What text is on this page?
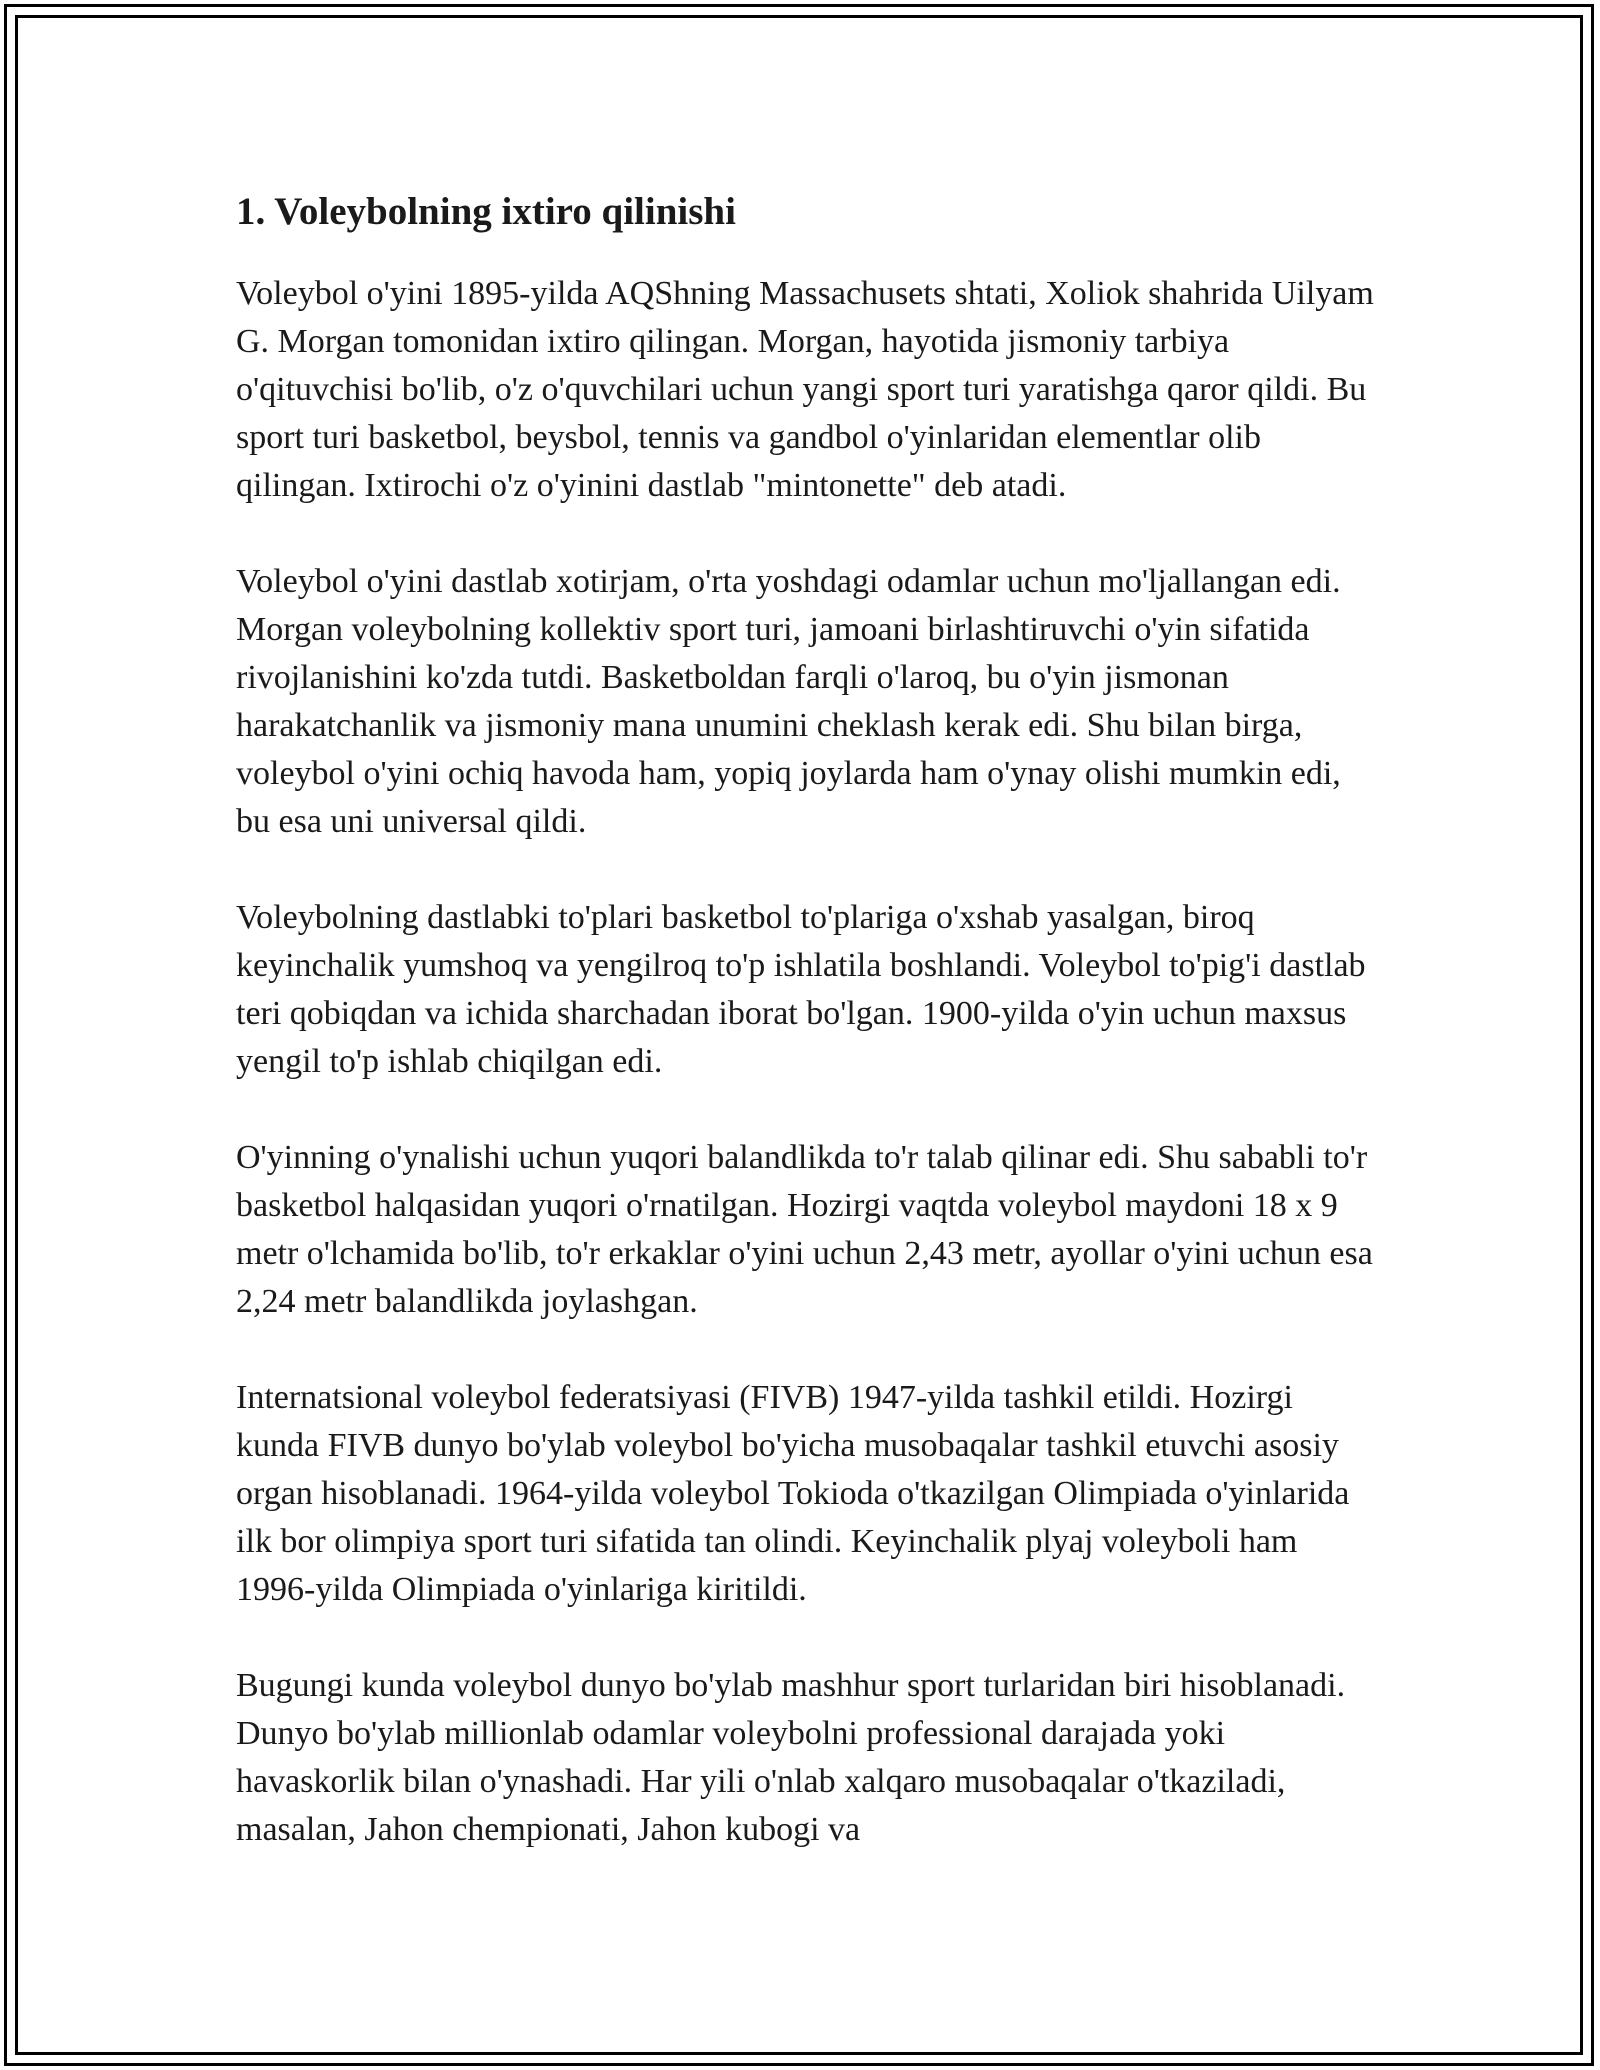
1. Voleybolning ixtiro qilinishi

Voleybol o'yini 1895-yilda AQShning Massachusets shtati, Xoliok shahrida Uilyam G. Morgan tomonidan ixtiro qilingan. Morgan, hayotida jismoniy tarbiya o'qituvchisi bo'lib, o'z o'quvchilari uchun yangi sport turi yaratishga qaror qildi. Bu sport turi basketbol, beysbol, tennis va gandbol o'yinlaridan elementlar olib qilingan. Ixtirochi o'z o'yinini dastlab "mintonette" deb atadi.

Voleybol o'yini dastlab xotirjam, o'rta yoshdagi odamlar uchun mo'ljallangan edi. Morgan voleybolning kollektiv sport turi, jamoani birlashtiruvchi o'yin sifatida rivojlanishini ko'zda tutdi. Basketboldan farqli o'laroq, bu o'yin jismonan harakatchanlik va jismoniy mana unumini cheklash kerak edi. Shu bilan birga, voleybol o'yini ochiq havoda ham, yopiq joylarda ham o'ynay olishi mumkin edi, bu esa uni universal qildi.

Voleybolning dastlabki to'plari basketbol to'plariga o'xshab yasalgan, biroq keyinchalik yumshoq va yengilroq to'p ishlatila boshlandi. Voleybol to'pig'i dastlab teri qobiqdan va ichida sharchadan iborat bo'lgan. 1900-yilda o'yin uchun maxsus yengil to'p ishlab chiqilgan edi.

O'yinning o'ynalishi uchun yuqori balandlikda to'r talab qilinar edi. Shu sababli to'r basketbol halqasidan yuqori o'rnatilgan. Hozirgi vaqtda voleybol maydoni 18 x 9 metr o'lchamida bo'lib, to'r erkaklar o'yini uchun 2,43 metr, ayollar o'yini uchun esa 2,24 metr balandlikda joylashgan.

Internatsional voleybol federatsiyasi (FIVB) 1947-yilda tashkil etildi. Hozirgi kunda FIVB dunyo bo'ylab voleybol bo'yicha musobaqalar tashkil etuvchi asosiy organ hisoblanadi. 1964-yilda voleybol Tokioda o'tkazilgan Olimpiada o'yinlarida ilk bor olimpiya sport turi sifatida tan olindi. Keyinchalik plyaj voleyboli ham 1996-yilda Olimpiada o'yinlariga kiritildi.

Bugungi kunda voleybol dunyo bo'ylab mashhur sport turlaridan biri hisoblanadi. Dunyo bo'ylab millionlab odamlar voleybolni professional darajada yoki havaskorlik bilan o'ynashadi. Har yili o'nlab xalqaro musobaqalar o'tkaziladi, masalan, Jahon chempionati, Jahon kubogi va
